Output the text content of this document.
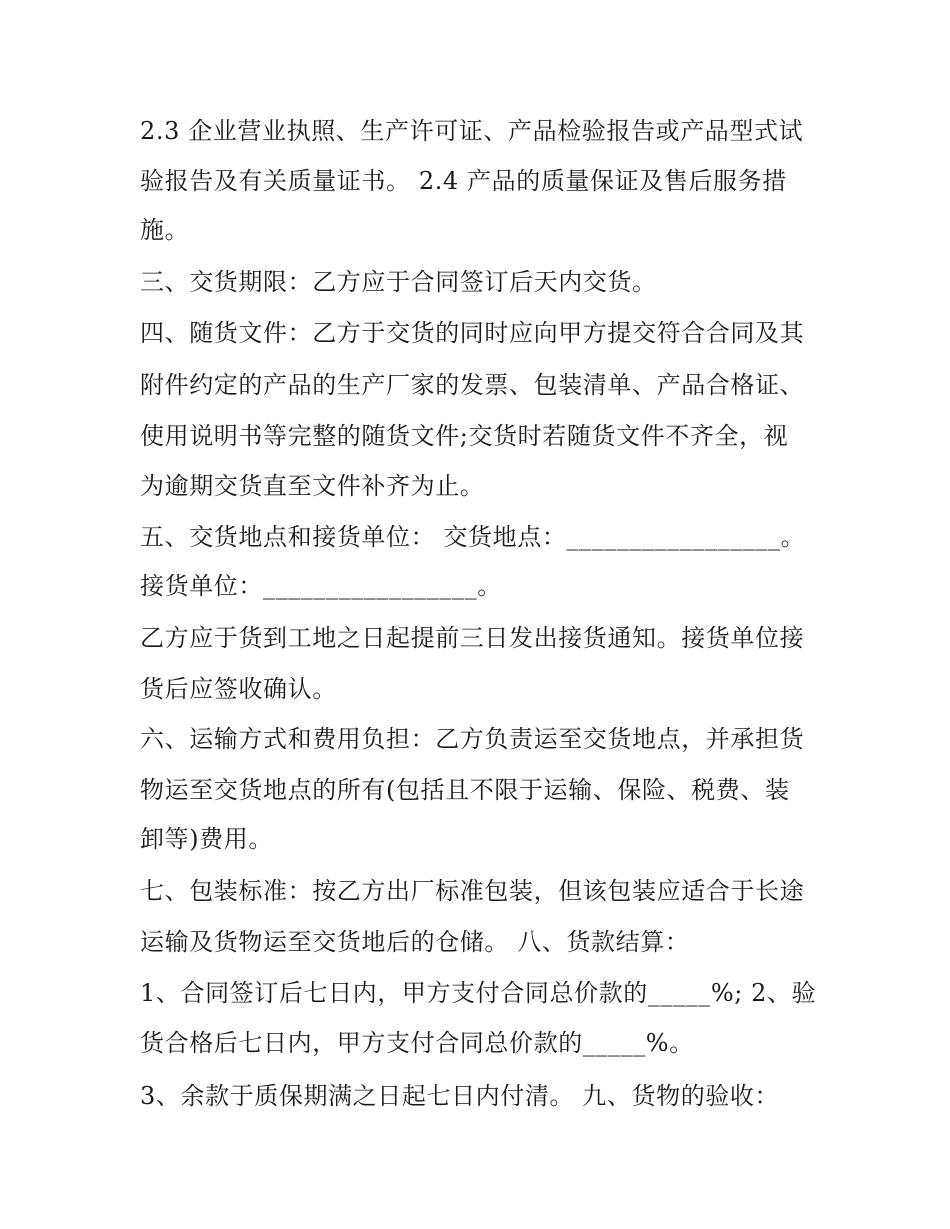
2.3 企业营业执照、生产许可证、产品检验报告或产品型式试
验报告及有关质量证书。 2.4 产品的质量保证及售后服务措
施。
三、交货期限：乙方应于合同签订后天内交货。
四、随货文件：乙方于交货的同时应向甲方提交符合合同及其
附件约定的产品的生产厂家的发票、包装清单、产品合格证、
使用说明书等完整的随货文件;交货时若随货文件不齐全，视
为逾期交货直至文件补齐为止。
五、交货地点和接货单位： 交货地点：_________________。
接货单位：_________________。
乙方应于货到工地之日起提前三日发出接货通知。接货单位接
货后应签收确认。
六、运输方式和费用负担：乙方负责运至交货地点，并承担货
物运至交货地点的所有(包括且不限于运输、保险、税费、装
卸等)费用。
七、包装标准：按乙方出厂标准包装，但该包装应适合于长途
运输及货物运至交货地后的仓储。 八、货款结算：
1、合同签订后七日内，甲方支付合同总价款的_____%; 2、验
货合格后七日内，甲方支付合同总价款的_____%。
3、余款于质保期满之日起七日内付清。 九、货物的验收：
